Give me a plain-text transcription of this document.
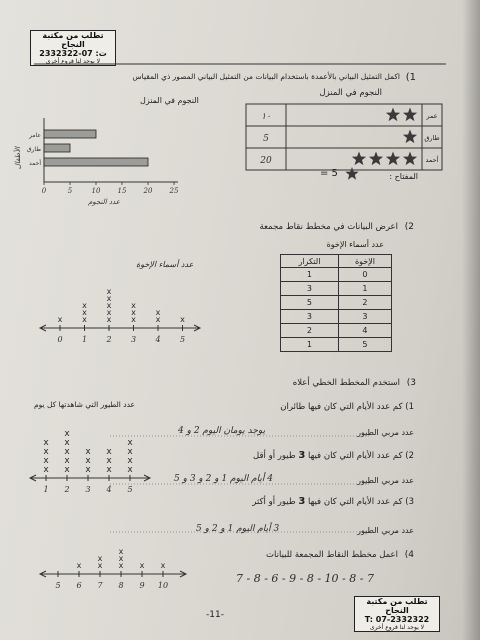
تطلب من مكتبة النجاح
ت: 07-2332322
لا يوجد لنا فروع أخرى
1)
اكمل التمثيل البياني بالأعمدة باستخدام البيانات من التمثيل البياني المصور ذي المقياس
النجوم في المنزل
النجوم في المنزل
المفتاح :
= 5
2)
اعرض البيانات في مخطط نقاط مجمعة
عدد أسماء الإخوة
عدد أسماء الإخوة	الإخوة	التكرار
0	1
1	3
2	5
3	3
4	2
5	1
3)
استخدم المخطط الخطي أعلاه
عدد الطيور التي شاهدتها كل يوم	1) كم عدد الأيام التي كان فيها طائران
عدد مربي الطيور
يوجد يومان اليوم 2 و 4
2) كم عدد الأيام التي كان فيها 3 طيور أو أقل
عدد مربي الطيور
4 أيام اليوم 1 و 2 و 3 و 5
3) كم عدد الأيام التي كان فيها 3 طيور أو أكثر
عدد مربي الطيور
3 أيام اليوم 1 و 2 و 5
4)
اعمل مخطط النقاط المجمعة للبيانات
7 - 8 - 6 - 9 - 8 - 10 - 8 - 7
-11-
تطلب من مكتبة النجاح
T: 07-2332322
لا يوجد لنا فروع أخرى
عمر
١٠
طارق
5
أحمد
20
عامر
طارق
أحمد
0	5	10 15 20 25
عدد النجوم
الأطفال
0
x
1
x
x
x
2
x
x
x
x
x
3
x
x
x
4
x
x
5
x
1
x
x
x
x
2
x
x
x
x
x
3
x
x
x
4
x
x
x
5
x
x
x
x
5 6
x
7
x
x
8
x
x
x
9
x
10
x
